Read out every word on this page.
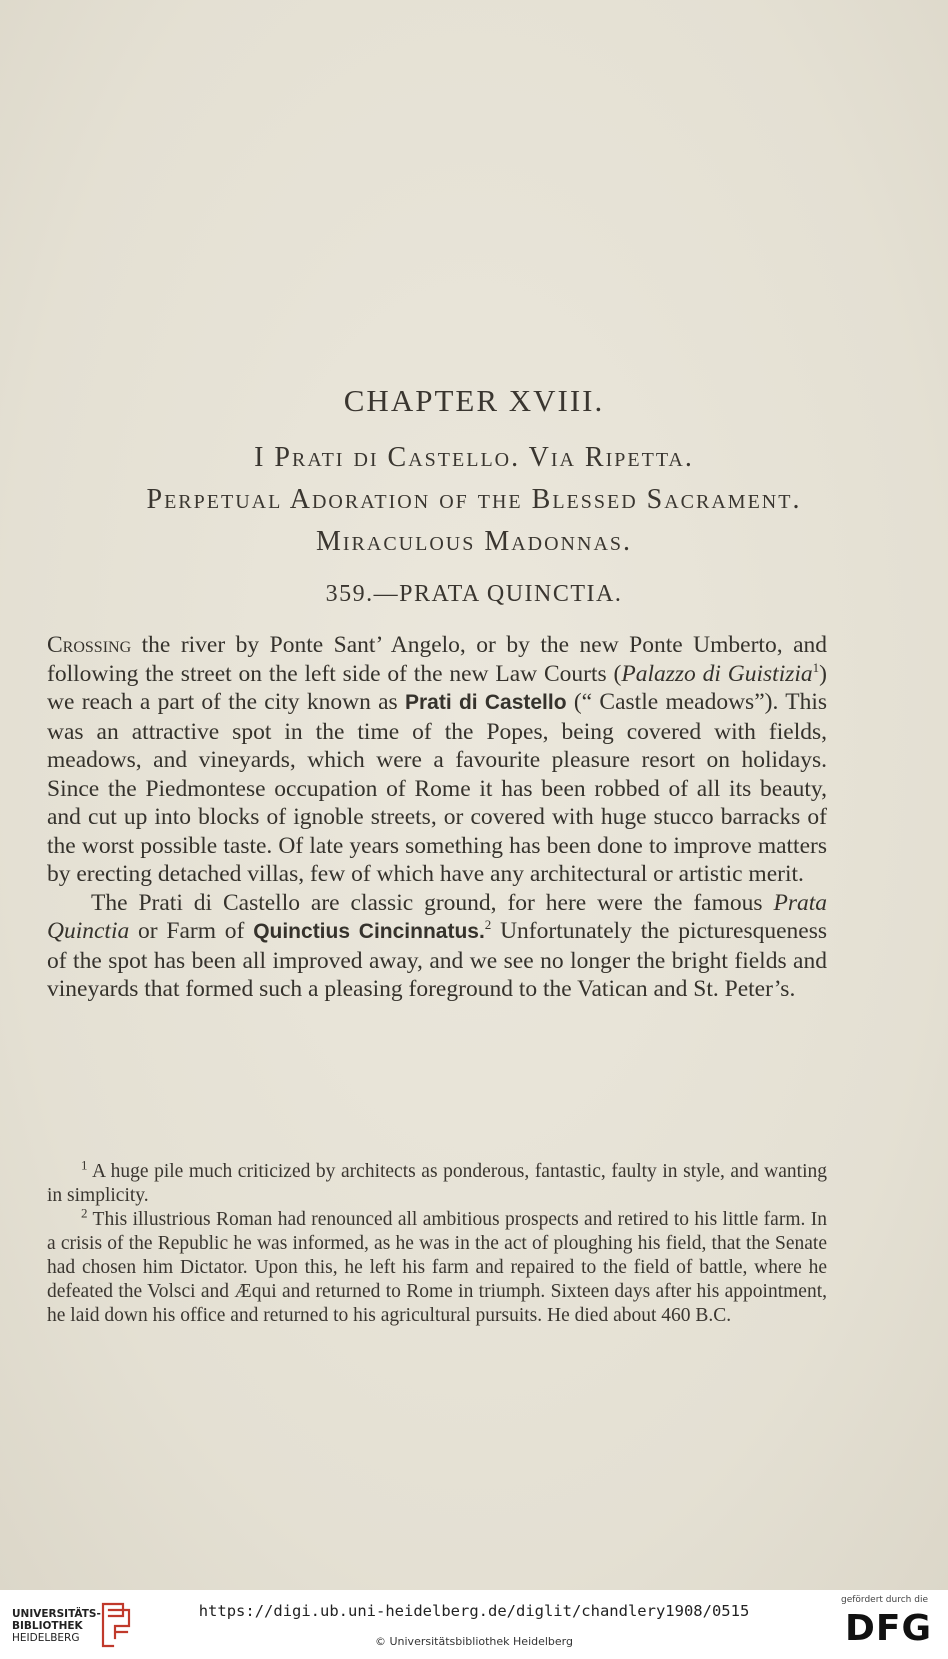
CHAPTER XVIII.
I Prati di Castello. Via Ripetta.
Perpetual Adoration of the Blessed Sacrament.
Miraculous Madonnas.
359.—PRATA QUINCTIA.

Crossing the river by Ponte Sant’ Angelo, or by the new Ponte Umberto, and following the street on the left side of the new Law Courts (Palazzo di Guistizia$^1$) we reach a part of the city known as Prati di Castello (“ Castle meadows”). This was an attractive spot in the time of the Popes, being covered with fields, meadows, and vineyards, which were a favourite pleasure resort on holidays. Since the Piedmontese occupation of Rome it has been robbed of all its beauty, and cut up into blocks of ignoble streets, or covered with huge stucco barracks of the worst possible taste. Of late years something has been done to improve matters by erecting detached villas, few of which have any architectural or artistic merit.

The Prati di Castello are classic ground, for here were the famous Prata Quinctia or Farm of Quinctius Cincinnatus.$^2$ Unfortunately the picturesqueness of the spot has been all improved away, and we see no longer the bright fields and vineyards that formed such a pleasing foreground to the Vatican and St. Peter’s.

$^1$ A huge pile much criticized by architects as ponderous, fantastic, faulty in style, and wanting in simplicity.

$^2$ This illustrious Roman had renounced all ambitious prospects and retired to his little farm. In a crisis of the Republic he was informed, as he was in the act of ploughing his field, that the Senate had chosen him Dictator. Upon this, he left his farm and repaired to the field of battle, where he defeated the Volsci and Æqui and returned to Rome in triumph. Sixteen days after his appointment, he laid down his office and returned to his agricultural pursuits. He died about 460 B.C.

UNIVERSITÄTS-
BIBLIOTHEK
HEIDELBERG
https://digi.ub.uni-heidelberg.de/diglit/chandlery1908/0515
© Universitätsbibliothek Heidelberg
gefördert durch die
DFG
